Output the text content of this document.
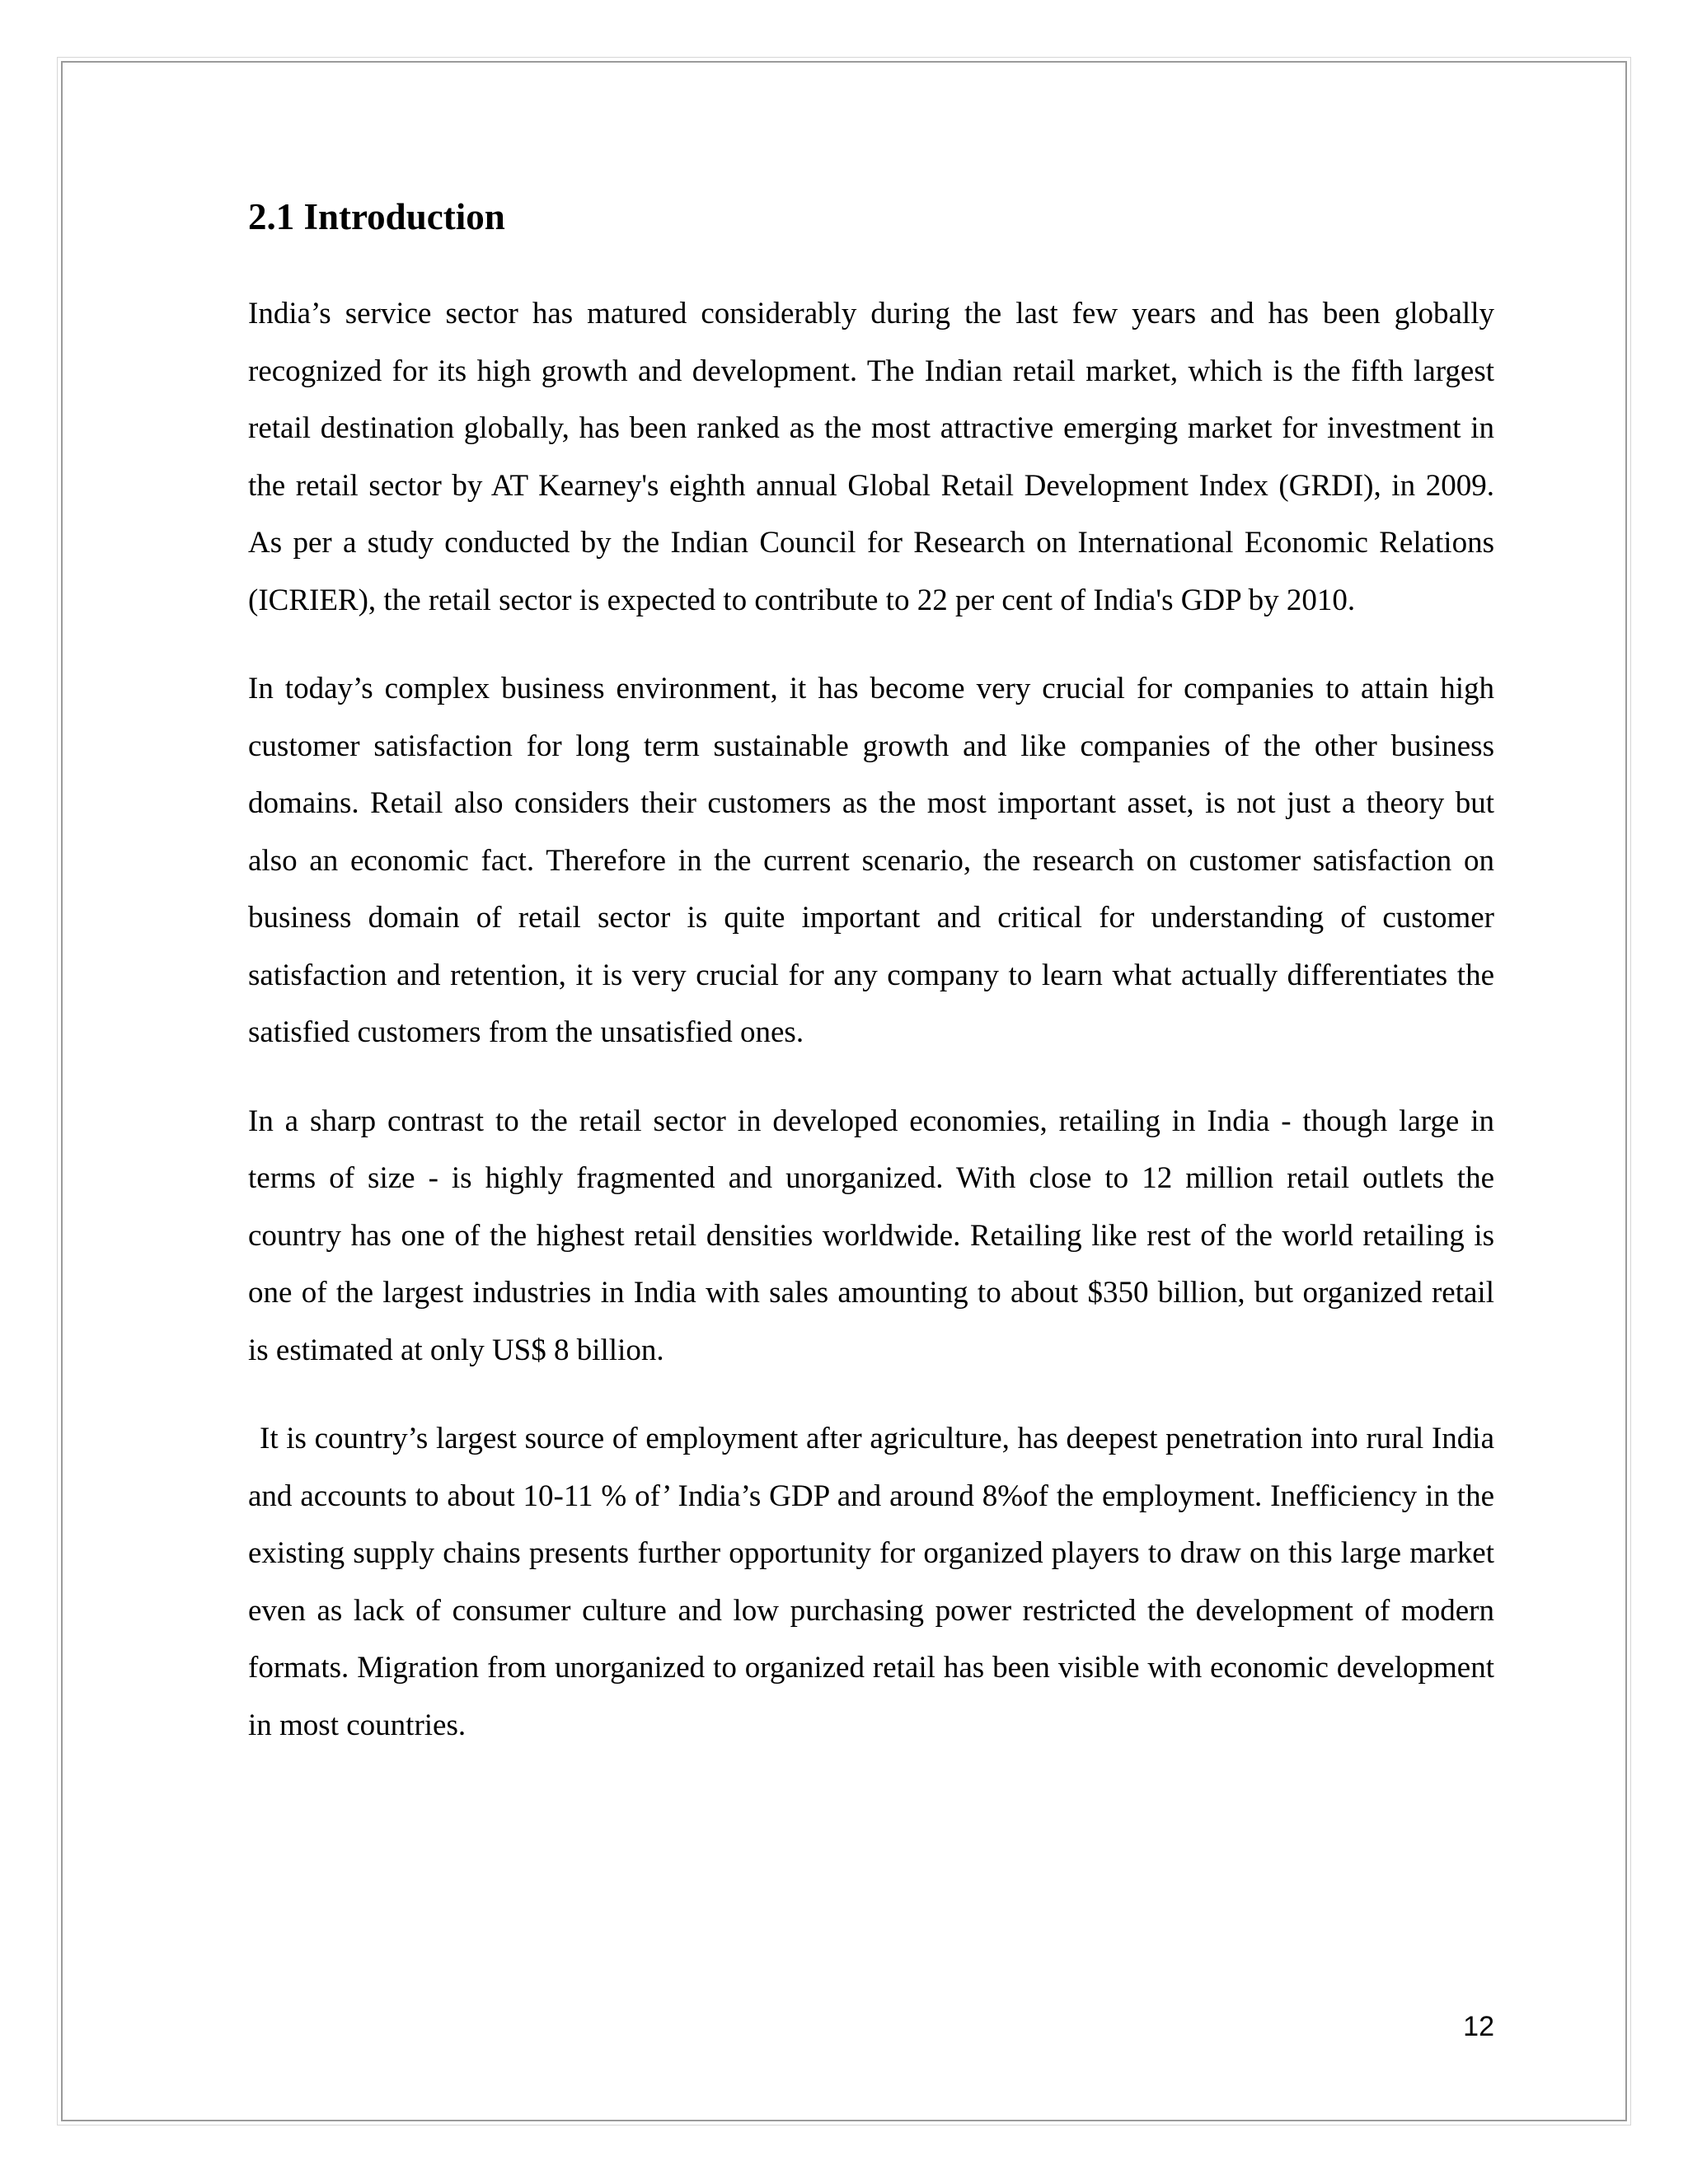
2.1 Introduction

India’s service sector has matured considerably during the last few years and has been globally recognized for its high growth and development. The Indian retail market, which is the fifth largest retail destination globally, has been ranked as the most attractive emerging market for investment in the retail sector by AT Kearney's eighth annual Global Retail Development Index (GRDI), in 2009. As per a study conducted by the Indian Council for Research on International Economic Relations (ICRIER), the retail sector is expected to contribute to 22 per cent of India's GDP by 2010.

In today’s complex business environment, it has become very crucial for companies to attain high customer satisfaction for long term sustainable growth and like companies of the other business domains. Retail also considers their customers as the most important asset, is not just a theory but also an economic fact. Therefore in the current scenario, the research on customer satisfaction on business domain of retail sector is quite important and critical for understanding of customer satisfaction and retention, it is very crucial for any company to learn what actually differentiates the satisfied customers from the unsatisfied ones.

In a sharp contrast to the retail sector in developed economies, retailing in India - though large in terms of size - is highly fragmented and unorganized. With close to 12 million retail outlets the country has one of the highest retail densities worldwide. Retailing like rest of the world retailing is one of the largest industries in India with sales amounting to about $350 billion, but organized retail is estimated at only US$ 8 billion.

It is country’s largest source of employment after agriculture, has deepest penetration into rural India and accounts to about 10-11 % of’ India’s GDP and around 8%of the employment. Inefficiency in the existing supply chains presents further opportunity for organized players to draw on this large market even as lack of consumer culture and low purchasing power restricted the development of modern formats. Migration from unorganized to organized retail has been visible with economic development in most countries.

12
